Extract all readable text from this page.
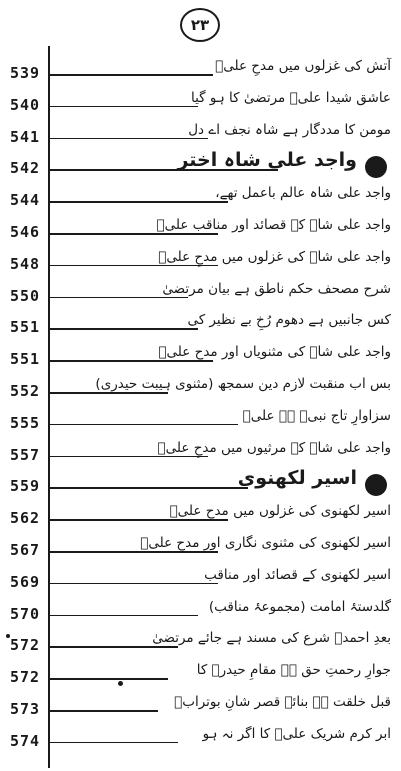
۲۳
539	آتش کی غزلوں میں مدحِ علیؑ
540	عاشق شیدا علیؑ مرتضیٰ کا ہو گیا
541	مومن کا مددگار ہے شاہ نجف اے دل
542	واجد علی شاہ اختر
544	واجد علی شاہ عالم باعمل تھے،
546	واجد علی شاہ کے قصائد اور مناقب علیؑ
548	واجد علی شاہ کی غزلوں میں مدحِ علیؑ
550	شرح مصحف حکم ناطق ہے بیان مرتضیٰ
551	کس جانبیں ہے دھوم رُخِ بے نظیر کی
551	واجد علی شاہ کی مثنویاں اور مدحِ علیؑ
552	بس اب منقبت لازم دین سمجھ (مثنوی ہیبت حیدری)
555	سزاوارِ تاج نبیؐ ہے علیؑ
557	واجد علی شاہ کے مرثیوں میں مدحِ علیؑ
559	اسیر لکھنوی
562	اسیر لکھنوی کی غزلوں میں مدحِ علیؑ
567	اسیر لکھنوی کی مثنوی نگاری اور مدحِ علیؑ
569	اسیر لکھنوی کے قصائد اور مناقب
570	گلدستۂ امامت (مجموعۂ مناقب)
572	بعدِ احمدؐ شرع کی مسند ہے جائے مرتضیٰ
572	جوارِ رحمتِ حق ہے مقامِ حیدرؑ کا
573	قبل خلقت ہے بنائے قصر شانِ بوترابؑ
574	ابر کرم شریک علیؑ کا اگر نہ ہو
